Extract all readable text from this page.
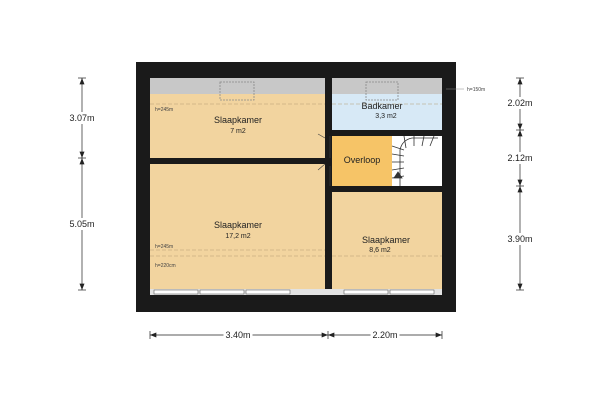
Slaapkamer
7 m2
h=245m	Badkamer
3,3 m2
h=150m
Overloop
Slaapkamer
17,2 m2
h=245m
h=220cm
Slaapkamer
8,6 m2
3.07m
5.05m
2.02m
2.12m
3.90m
3.40m	2.20m
